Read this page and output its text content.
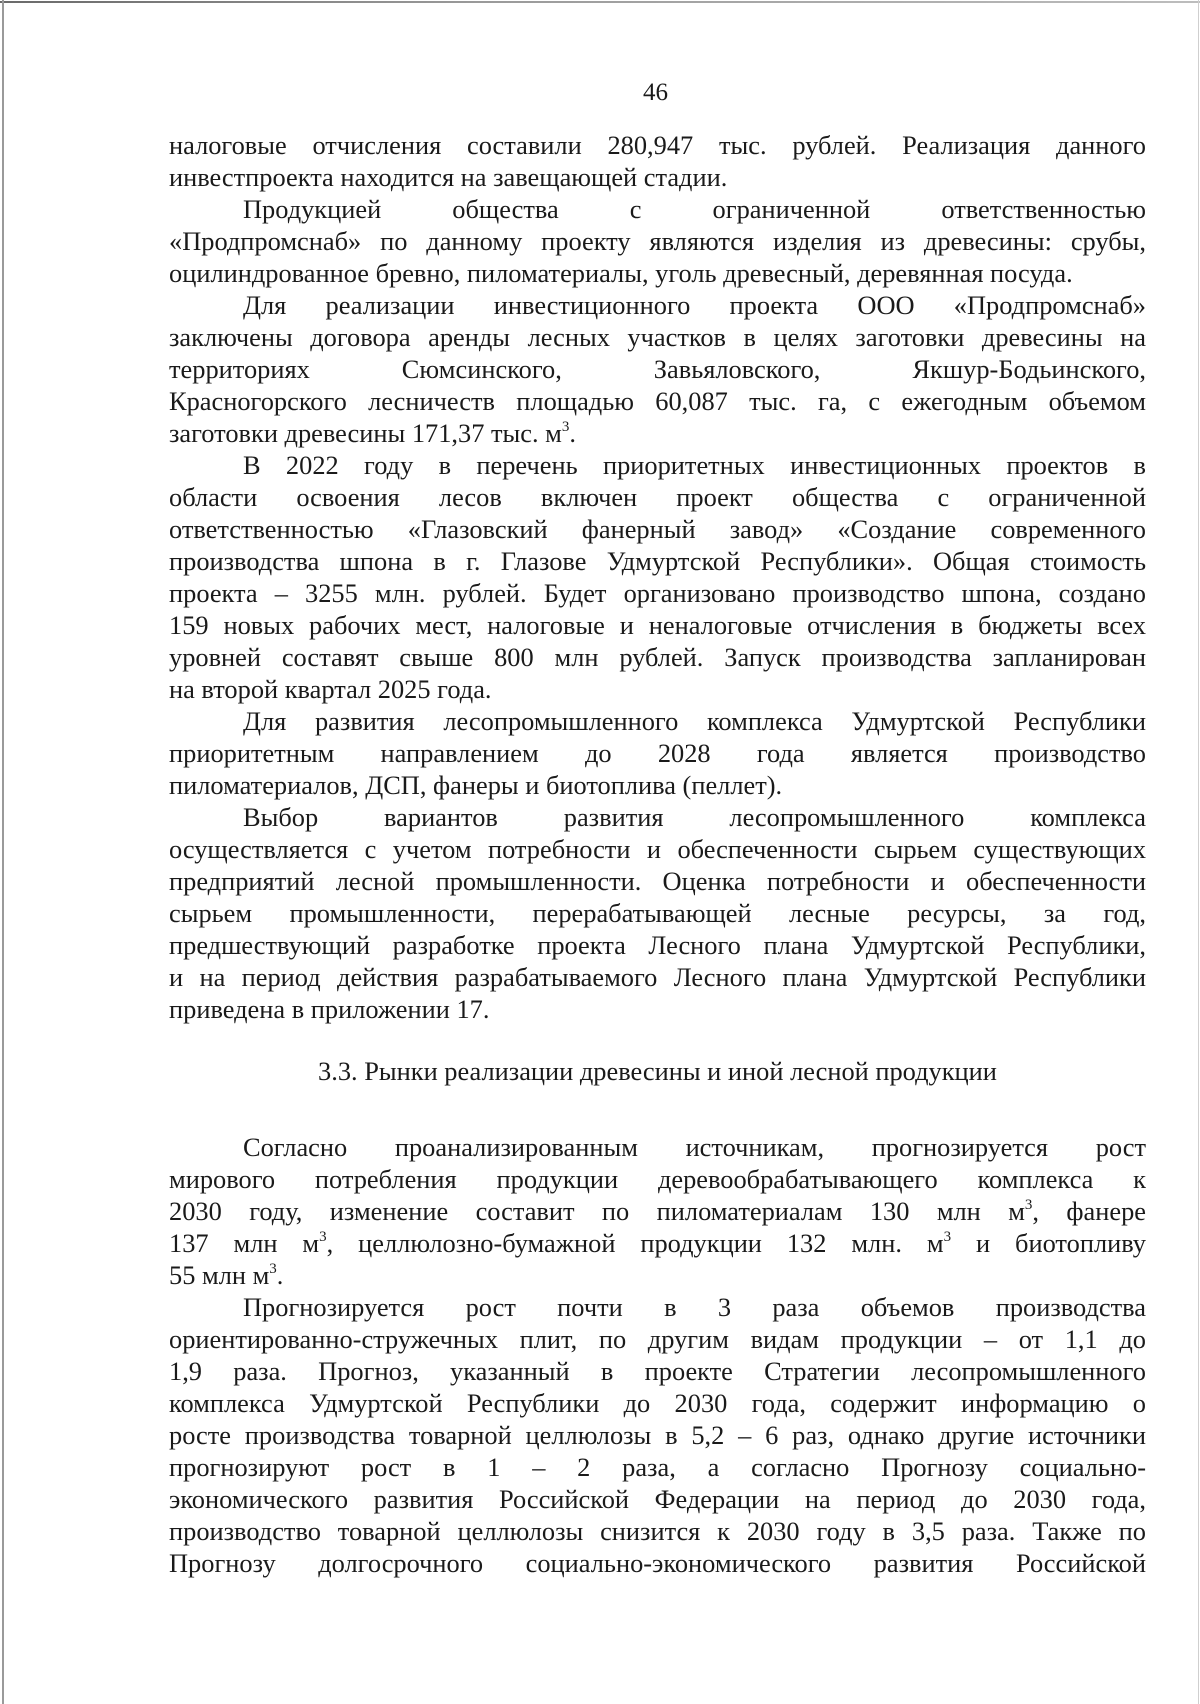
46
налоговые отчисления составили 280,947 тыс. рублей. Реализация данного
инвестпроекта находится на завещающей стадии.
Продукцией общества с ограниченной ответственностью
«Продпромснаб» по данному проекту являются изделия из древесины: срубы,
оцилиндрованное бревно, пиломатериалы, уголь древесный, деревянная посуда.
Для реализации инвестиционного проекта ООО «Продпромснаб»
заключены договора аренды лесных участков в целях заготовки древесины на
территориях Сюмсинского, Завьяловского, Якшур-Бодьинского,
Красногорского лесничеств площадью 60,087 тыс. га, с ежегодным объемом
заготовки древесины 171,37 тыс. $м^3$.
В 2022 году в перечень приоритетных инвестиционных проектов в
области освоения лесов включен проект общества с ограниченной
ответственностью «Глазовский фанерный завод» «Создание современного
производства шпона в г. Глазове Удмуртской Республики». Общая стоимость
проекта – 3255 млн. рублей. Будет организовано производство шпона, создано
159 новых рабочих мест, налоговые и неналоговые отчисления в бюджеты всех
уровней составят свыше 800 млн рублей. Запуск производства запланирован
на второй квартал 2025 года.
Для развития лесопромышленного комплекса Удмуртской Республики
приоритетным направлением до 2028 года является производство
пиломатериалов, ДСП, фанеры и биотоплива (пеллет).
Выбор вариантов развития лесопромышленного комплекса
осуществляется с учетом потребности и обеспеченности сырьем существующих
предприятий лесной промышленности. Оценка потребности и обеспеченности
сырьем промышленности, перерабатывающей лесные ресурсы, за год,
предшествующий разработке проекта Лесного плана Удмуртской Республики,
и на период действия разрабатываемого Лесного плана Удмуртской Республики
приведена в приложении 17.
3.3. Рынки реализации древесины и иной лесной продукции
Согласно проанализированным источникам, прогнозируется рост
мирового потребления продукции деревообрабатывающего комплекса к
2030 году, изменение составит по пиломатериалам 130 млн $м^3$, фанере
137 млн $м^3$, целлюлозно-бумажной продукции 132 млн. $м^3$ и биотопливу
55 млн $м^3$.
Прогнозируется рост почти в 3 раза объемов производства
ориентированно-стружечных плит, по другим видам продукции – от 1,1 до
1,9 раза. Прогноз, указанный в проекте Стратегии лесопромышленного
комплекса Удмуртской Республики до 2030 года, содержит информацию о
росте производства товарной целлюлозы в 5,2 – 6 раз, однако другие источники
прогнозируют рост в 1 – 2 раза, а согласно Прогнозу социально-
экономического развития Российской Федерации на период до 2030 года,
производство товарной целлюлозы снизится к 2030 году в 3,5 раза. Также по
Прогнозу долгосрочного социально-экономического развития Российской
